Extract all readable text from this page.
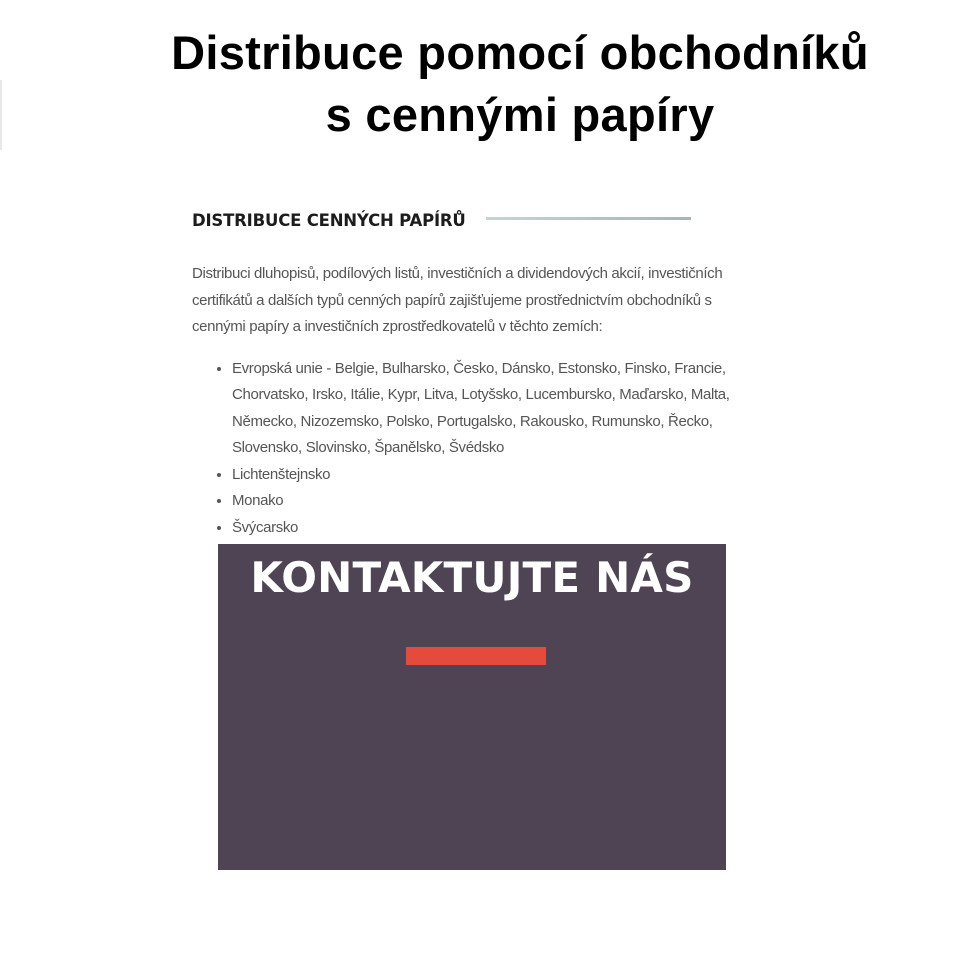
Distribuce pomocí obchodníků
s cennými papíry
DISTRIBUCE CENNÝCH PAPÍRŮ

Distribuci dluhopisů, podílových listů, investičních a dividendových akcií, investičních certifikátů a dalších typů cenných papírů zajišťujeme prostřednictvím obchodníků s cennými papíry a investičních zprostředkovatelů v těchto zemích:

• Evropská unie - Belgie, Bulharsko, Česko, Dánsko, Estonsko, Finsko, Francie, Chorvatsko, Irsko, Itálie, Kypr, Litva, Lotyšsko, Lucembursko, Maďarsko, Malta, Německo, Nizozemsko, Polsko, Portugalsko, Rakousko, Rumunsko, Řecko, Slovensko, Slovinsko, Španělsko, Švédsko
• Lichtenštejnsko
• Monako
• Švýcarsko
KONTAKTUJTE NÁS
